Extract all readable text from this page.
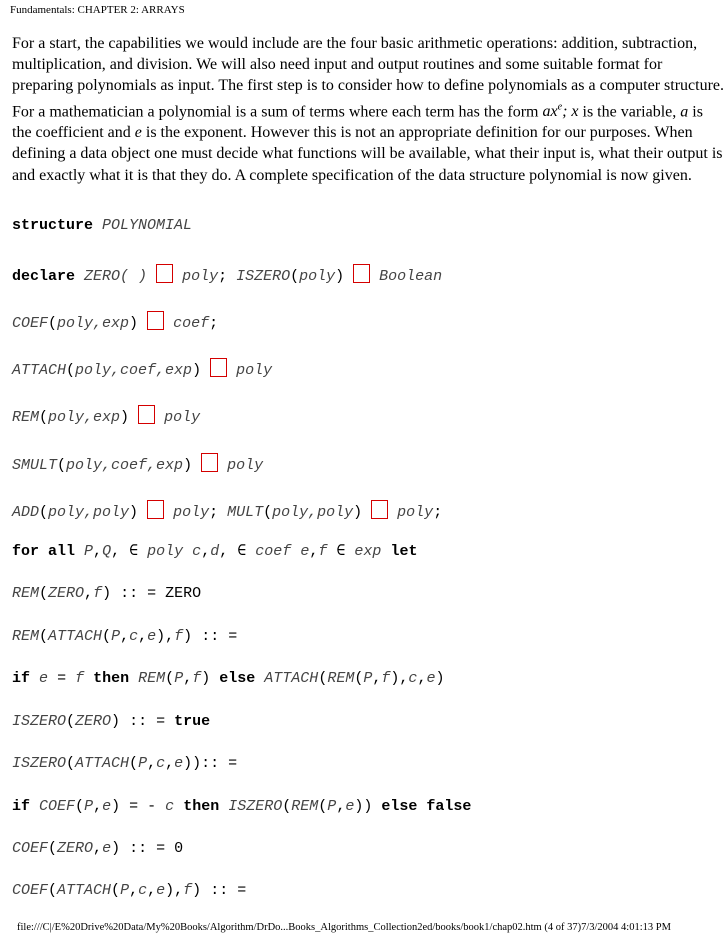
Fundamentals: CHAPTER 2: ARRAYS

For a start, the capabilities we would include are the four basic arithmetic operations: addition, subtraction, multiplication, and division. We will also need input and output routines and some suitable format for preparing polynomials as input. The first step is to consider how to define polynomials as a computer structure. For a mathematician a polynomial is a sum of terms where each term has the form $ax^e$; x is the variable, a is the coefficient and e is the exponent. However this is not an appropriate definition for our purposes. When defining a data object one must decide what functions will be available, what their input is, what their output is and exactly what it is that they do. A complete specification of the data structure polynomial is now given.

structure POLYNOMIAL
declare ZERO( ) poly; ISZERO(poly) Boolean
COEF(poly,exp) coef;
ATTACH(poly,coef,exp) poly
REM(poly,exp) poly
SMULT(poly,coef,exp) poly
ADD(poly,poly) poly; MULT(poly,poly) poly;
for all P,Q, ∈ poly c,d, ∈ coef e,f ∈ exp let
REM(ZERO,f) :: = ZERO
REM(ATTACH(P,c,e),f) :: =
if e = f then REM(P,f) else ATTACH(REM(P,f),c,e)
ISZERO(ZERO) :: = true
ISZERO(ATTACH(P,c,e)):: =
if COEF(P,e) = - c then ISZERO(REM(P,e)) else false
COEF(ZERO,e) :: = 0
COEF(ATTACH(P,c,e),f) :: =
file:///C|/E%20Drive%20Data/My%20Books/Algorithm/DrDo...Books_Algorithms_Collection2ed/books/book1/chap02.htm (4 of 37)7/3/2004 4:01:13 PM
